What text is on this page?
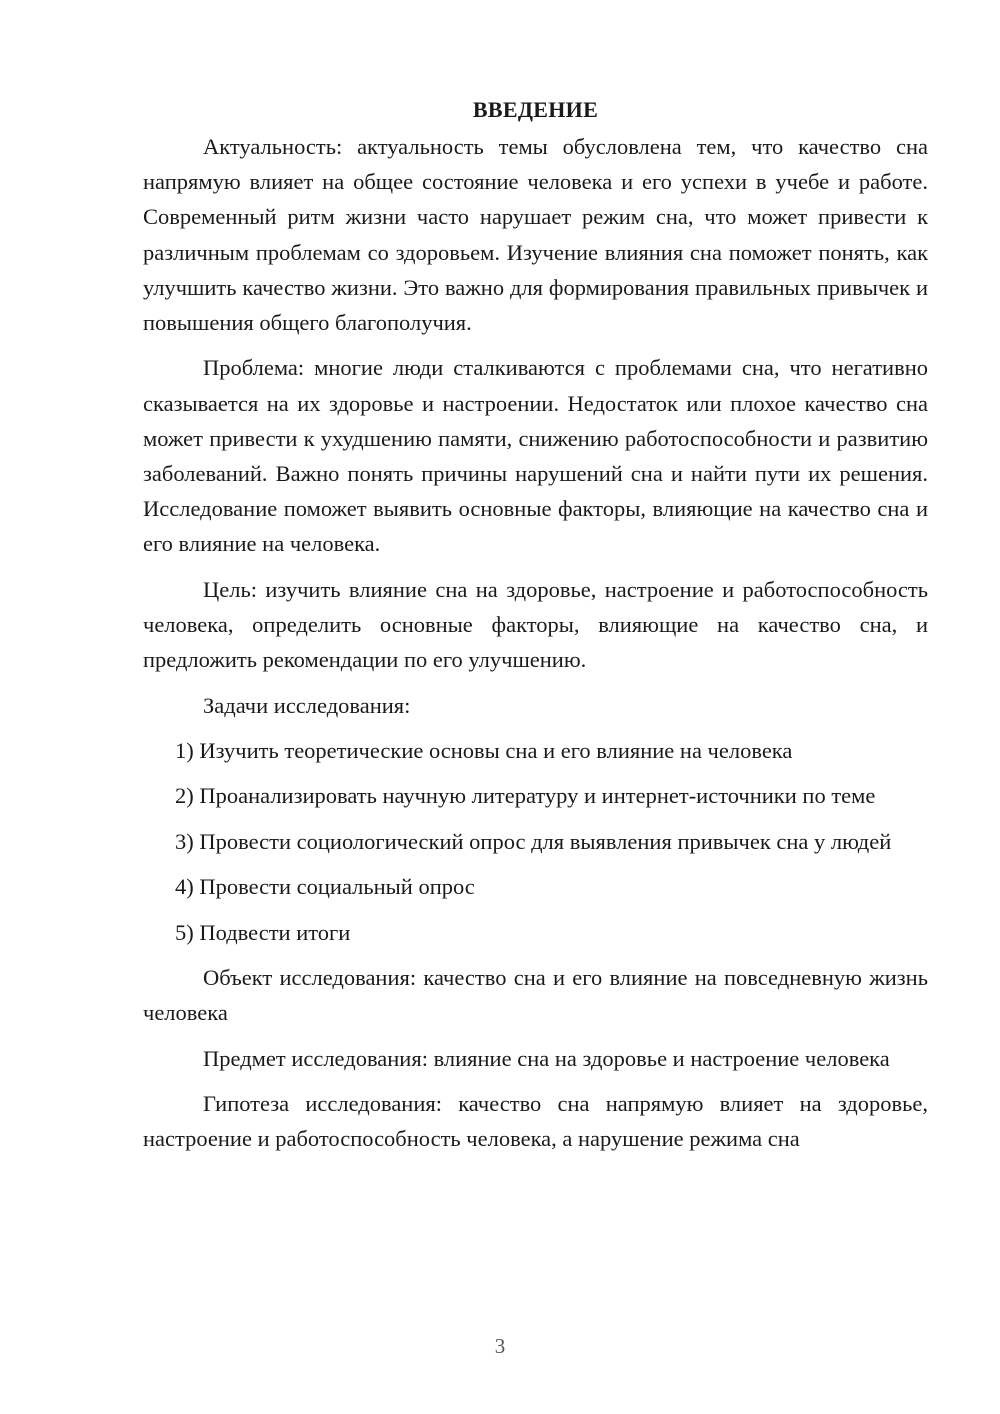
ВВЕДЕНИЕ

Актуальность: актуальность темы обусловлена тем, что качество сна напрямую влияет на общее состояние человека и его успехи в учебе и работе. Современный ритм жизни часто нарушает режим сна, что может привести к различным проблемам со здоровьем. Изучение влияния сна поможет понять, как улучшить качество жизни. Это важно для формирования правильных привычек и повышения общего благополучия.

Проблема: многие люди сталкиваются с проблемами сна, что негативно сказывается на их здоровье и настроении. Недостаток или плохое качество сна может привести к ухудшению памяти, снижению работоспособности и развитию заболеваний. Важно понять причины нарушений сна и найти пути их решения. Исследование поможет выявить основные факторы, влияющие на качество сна и его влияние на человека.

Цель: изучить влияние сна на здоровье, настроение и работоспособность человека, определить основные факторы, влияющие на качество сна, и предложить рекомендации по его улучшению.

Задачи исследования:

1) Изучить теоретические основы сна и его влияние на человека

2) Проанализировать научную литературу и интернет-источники по теме

3) Провести социологический опрос для выявления привычек сна у людей

4) Провести социальный опрос

5) Подвести итоги

Объект исследования: качество сна и его влияние на повседневную жизнь человека

Предмет исследования: влияние сна на здоровье и настроение человека

Гипотеза исследования: качество сна напрямую влияет на здоровье, настроение и работоспособность человека, а нарушение режима сна

3
